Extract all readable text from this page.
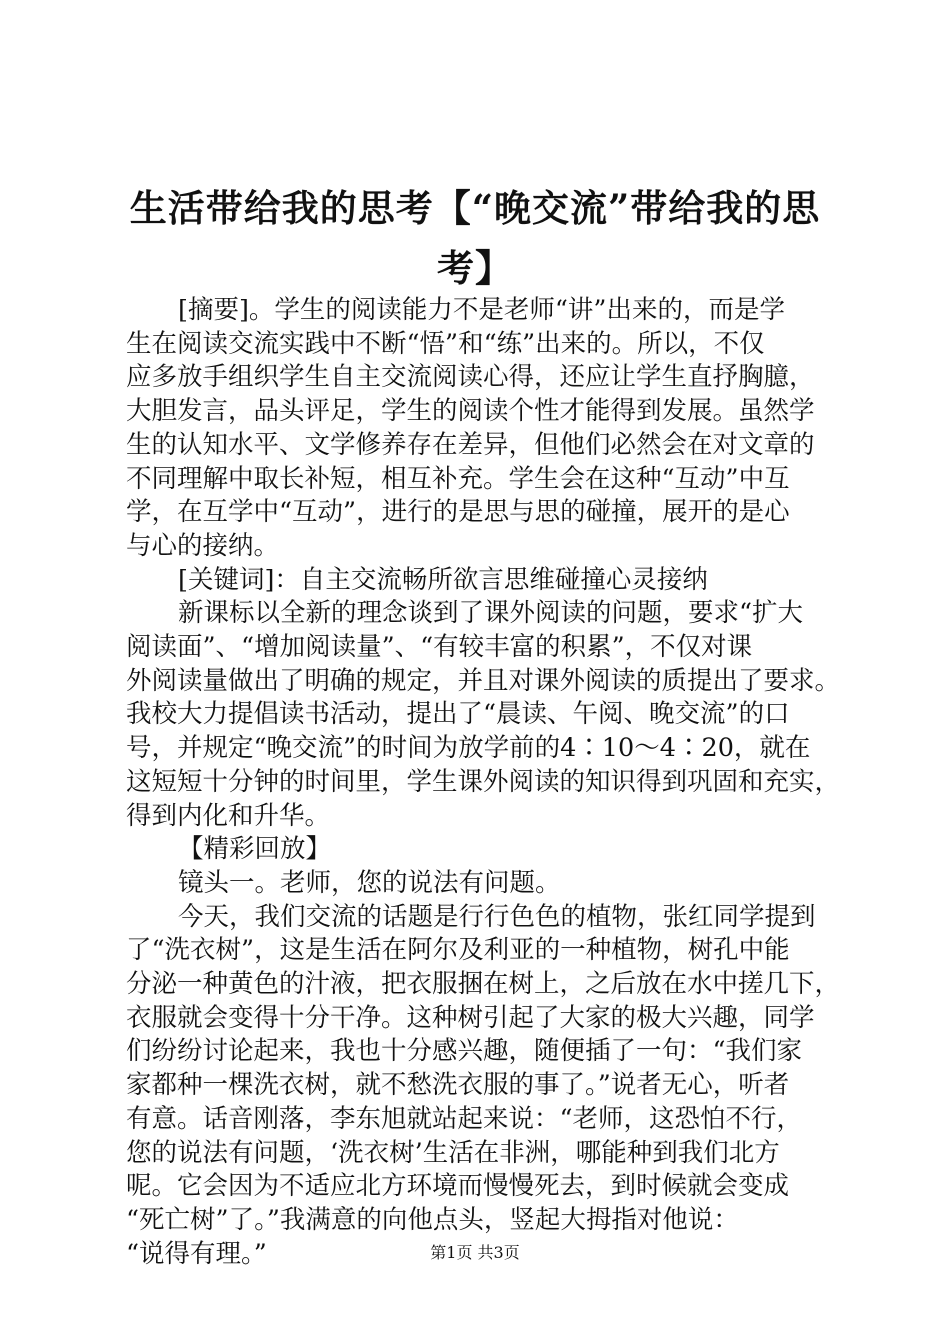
生活带给我的思考【“晚交流”带给我的思
考】

[摘要]。学生的阅读能力不是老师“讲”出来的，而是学

生在阅读交流实践中不断“悟”和“练”出来的。所以，不仅

应多放手组织学生自主交流阅读心得，还应让学生直抒胸臆，

大胆发言，品头评足，学生的阅读个性才能得到发展。虽然学

生的认知水平、文学修养存在差异，但他们必然会在对文章的

不同理解中取长补短，相互补充。学生会在这种“互动”中互

学，在互学中“互动”，进行的是思与思的碰撞，展开的是心

与心的接纳。

[关键词]：自主交流畅所欲言思维碰撞心灵接纳

新课标以全新的理念谈到了课外阅读的问题，要求“扩大

阅读面”、“增加阅读量”、“有较丰富的积累”，不仅对课

外阅读量做出了明确的规定，并且对课外阅读的质提出了要求。

我校大力提倡读书活动，提出了“晨读、午阅、晚交流”的口

号，并规定“晚交流”的时间为放学前的4∶10～4∶20，就在

这短短十分钟的时间里，学生课外阅读的知识得到巩固和充实，

得到内化和升华。

【精彩回放】

镜头一。老师，您的说法有问题。

今天，我们交流的话题是行行色色的植物，张红同学提到

了“洗衣树”，这是生活在阿尔及利亚的一种植物，树孔中能

分泌一种黄色的汁液，把衣服捆在树上，之后放在水中搓几下，

衣服就会变得十分干净。这种树引起了大家的极大兴趣，同学

们纷纷讨论起来，我也十分感兴趣，随便插了一句：“我们家

家都种一棵洗衣树，就不愁洗衣服的事了。”说者无心，听者

有意。话音刚落，李东旭就站起来说：“老师，这恐怕不行，

您的说法有问题，‘洗衣树’生活在非洲，哪能种到我们北方

呢。它会因为不适应北方环境而慢慢死去，到时候就会变成

“死亡树”了。”我满意的向他点头，竖起大拇指对他说：

“说得有理。”	第1页 共3页
